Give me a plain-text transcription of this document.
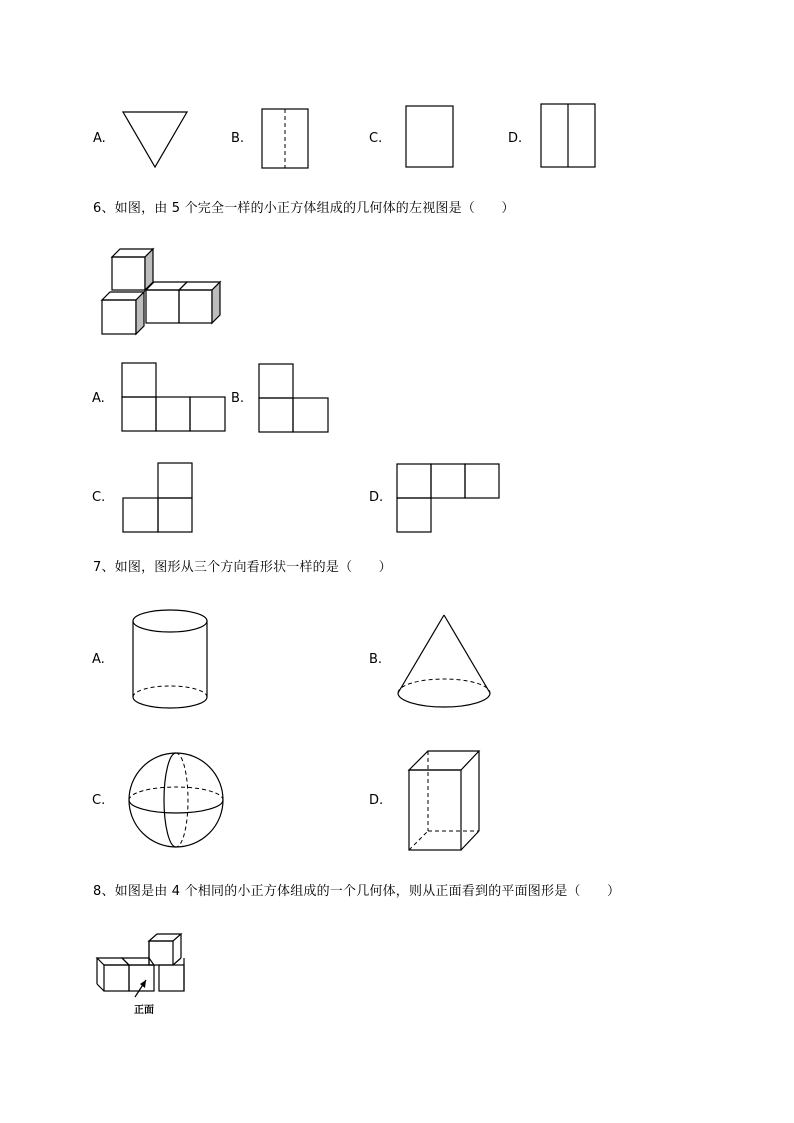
A.	B.	C.	D.
6、如图，由 5 个完全一样的小正方体组成的几何体的左视图是（　　）
A.	B.
C.	D.
7、如图，图形从三个方向看形状一样的是（　　）
A.	B.
C.	D.
8、如图是由 4 个相同的小正方体组成的一个几何体，则从正面看到的平面图形是（　　）
正面
